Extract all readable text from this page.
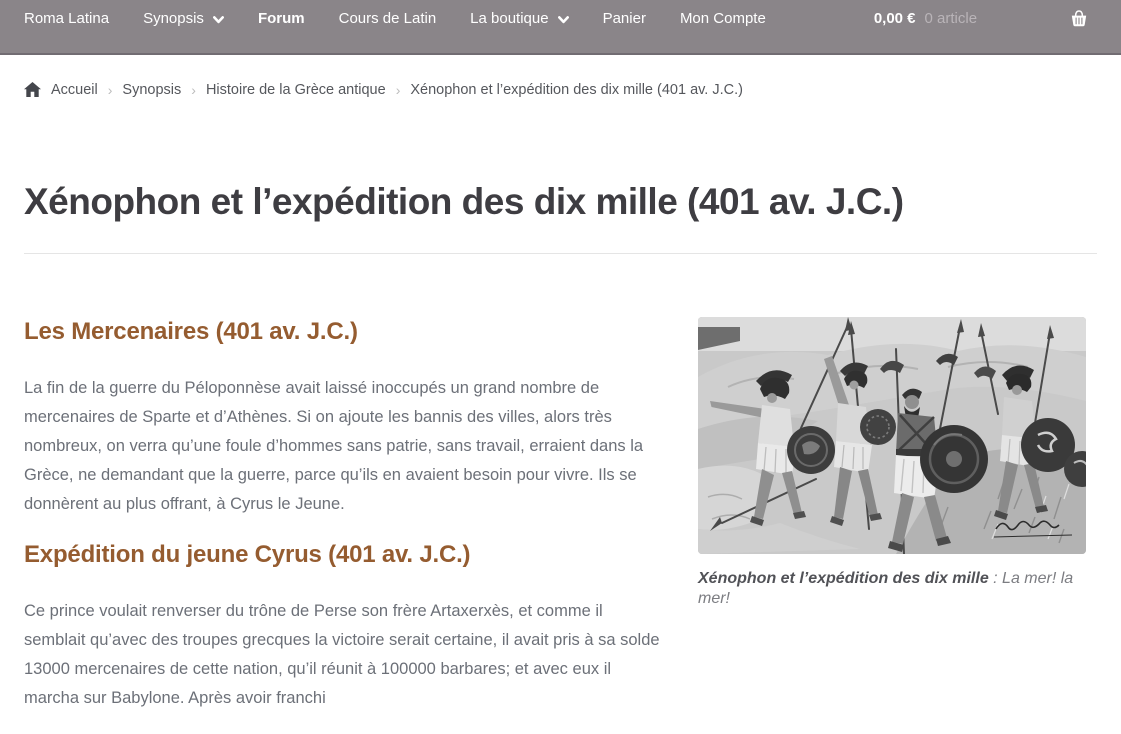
Roma Latina Synopsis	Forum Cours de Latin La boutique	Panier Mon Compte	0,00 € 0 article
Accueil › Synopsis › Histoire de la Grèce antique › Xénophon et l’expédition des dix mille (401 av. J.C.)
Xénophon et l’expédition des dix mille (401 av. J.C.)
Les Mercenaires (401 av. J.C.)

La fin de la guerre du Péloponnèse avait laissé inoccupés un grand nombre de mercenaires de Sparte et d’Athènes. Si on ajoute les bannis des villes, alors très nombreux, on verra qu’une foule d’hommes sans patrie, sans travail, erraient dans la Grèce, ne demandant que la guerre, parce qu’ils en avaient besoin pour vivre. Ils se donnèrent au plus offrant, à Cyrus le Jeune.

Expédition du jeune Cyrus (401 av. J.C.)

Ce prince voulait renverser du trône de Perse son frère Artaxerxès, et comme il semblait qu’avec des troupes grecques la victoire serait certaine, il avait pris à sa solde 13000 mercenaires de cette nation, qu’il réunit à 100000 barbares; et avec eux il marcha sur Babylone. Après avoir franchi

Xénophon et l’expédition des dix mille : La mer! la mer!
